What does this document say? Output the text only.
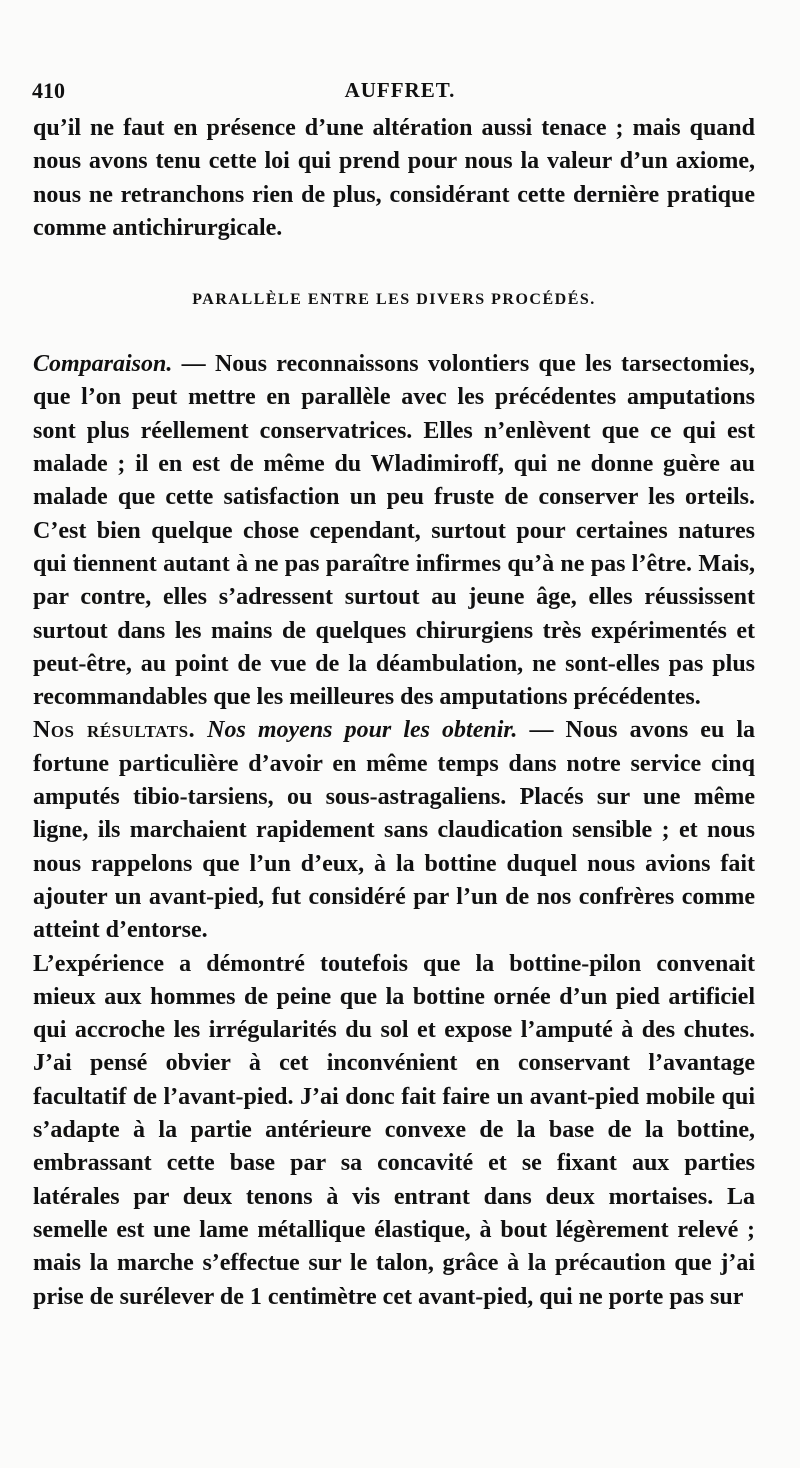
410	AUFFRET.

qu’il ne faut en présence d’une altération aussi tenace ; mais quand nous avons tenu cette loi qui prend pour nous la valeur d’un axiome, nous ne retranchons rien de plus, considérant cette dernière pratique comme antichirurgicale.

PARALLÈLE ENTRE LES DIVERS PROCÉDÉS.

Comparaison. — Nous reconnaissons volontiers que les tarsectomies, que l’on peut mettre en parallèle avec les précédentes amputations sont plus réellement conservatrices. Elles n’enlèvent que ce qui est malade ; il en est de même du Wladimiroff, qui ne donne guère au malade que cette satisfaction un peu fruste de conserver les orteils. C’est bien quelque chose cependant, surtout pour certaines natures qui tiennent autant à ne pas paraître infirmes qu’à ne pas l’être. Mais, par contre, elles s’adressent surtout au jeune âge, elles réussissent surtout dans les mains de quelques chirurgiens très expérimentés et peut-être, au point de vue de la déambulation, ne sont-elles pas plus recommandables que les meilleures des amputations précédentes.

Nos résultats. Nos moyens pour les obtenir. — Nous avons eu la fortune particulière d’avoir en même temps dans notre service cinq amputés tibio-tarsiens, ou sous-astragaliens. Placés sur une même ligne, ils marchaient rapidement sans claudication sensible ; et nous nous rappelons que l’un d’eux, à la bottine duquel nous avions fait ajouter un avant-pied, fut considéré par l’un de nos confrères comme atteint d’entorse.

L’expérience a démontré toutefois que la bottine-pilon convenait mieux aux hommes de peine que la bottine ornée d’un pied artificiel qui accroche les irrégularités du sol et expose l’amputé à des chutes. J’ai pensé obvier à cet inconvénient en conservant l’avantage facultatif de l’avant-pied. J’ai donc fait faire un avant-pied mobile qui s’adapte à la partie antérieure convexe de la base de la bottine, embrassant cette base par sa concavité et se fixant aux parties latérales par deux tenons à vis entrant dans deux mortaises. La semelle est une lame métallique élastique, à bout légèrement relevé ; mais la marche s’effectue sur le talon, grâce à la précaution que j’ai prise de surélever de 1 centimètre cet avant-pied, qui ne porte pas sur
